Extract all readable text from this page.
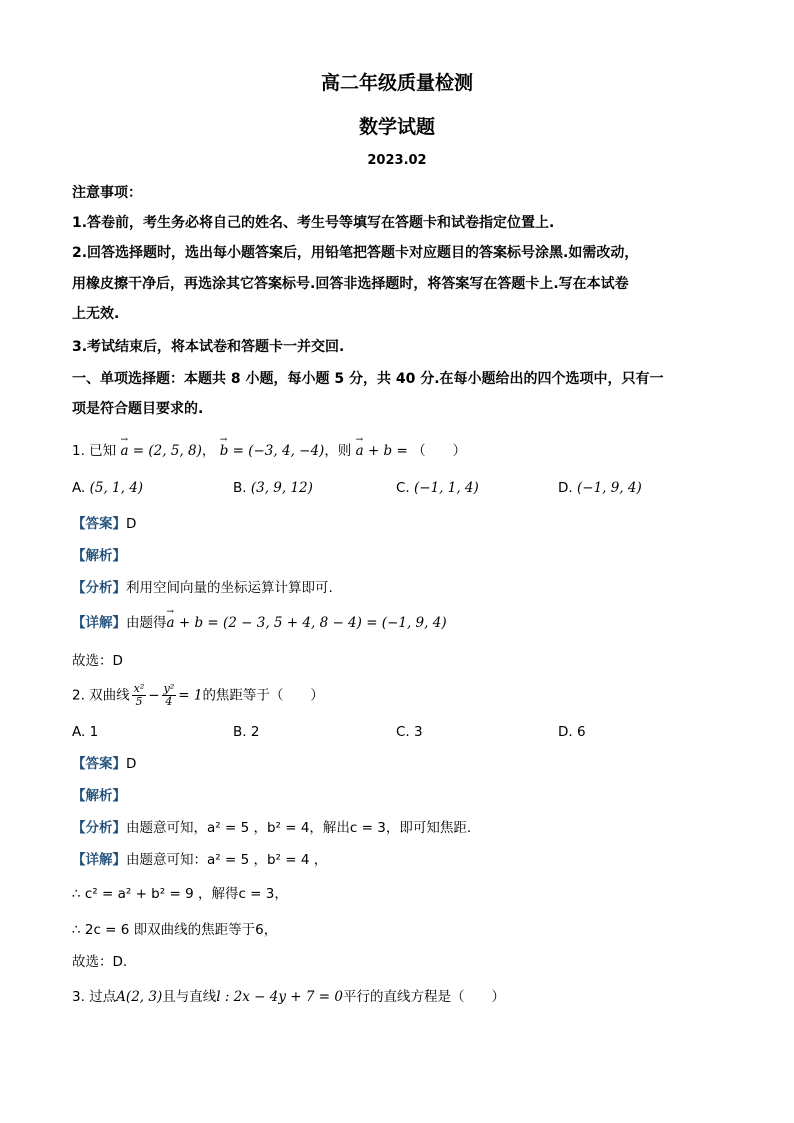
高二年级质量检测
数学试题
2023.02
注意事项：
1.答卷前，考生务必将自己的姓名、考生号等填写在答题卡和试卷指定位置上.
2.回答选择题时，选出每小题答案后，用铅笔把答题卡对应题目的答案标号涂黑.如需改动，
用橡皮擦干净后，再选涂其它答案标号.回答非选择题时，将答案写在答题卡上.写在本试卷
上无效.
3.考试结束后，将本试卷和答题卡一并交回.
一、单项选择题：本题共 8 小题，每小题 5 分，共 40 分.在每小题给出的四个选项中，只有一
项是符合题目要求的.
1. 已知 → a = (2, 5, 8)， → b = (−3, 4, −4)，则 → a + b = （　　）
A. (5, 1, 4)	B. (3, 9, 12)	C. (−1, 1, 4)	D. (−1, 9, 4)
【答案】D
【解析】
【分析】利用空间向量的坐标运算计算即可.
【详解】由题得→ a + b = (2 − 3, 5 + 4, 8 − 4) = (−1, 9, 4)
故选：D
2. 双曲线 $\frac{\text{x²}}{5} - \frac{\text{y²}}{4} = 1$的焦距等于（　　）
A. 1	B. 2	C. 3	D. 6
【答案】D
【解析】
【分析】由题意可知，a² = 5 ，b² = 4，解出c = 3，即可知焦距.
【详解】由题意可知：a² = 5 ，b² = 4 ，
∴ c² = a² + b² = 9 ，解得c = 3，
∴ 2c = 6 即双曲线的焦距等于6，
故选：D.
3. 过点A(2, 3)且与直线l : 2x − 4y + 7 = 0平行的直线方程是（　　）
